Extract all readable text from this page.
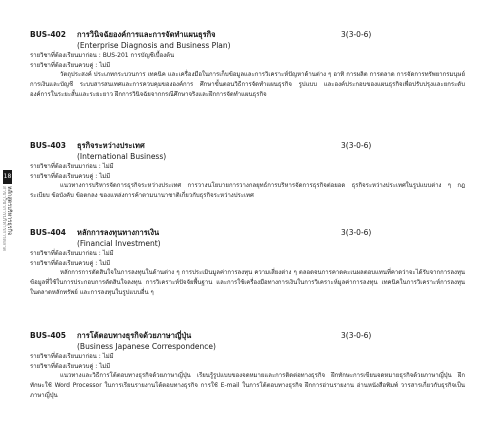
18
หลักสูตรบริหารธุรกิจ
สาขาวิชาการบริหารการตลาด
BUS-402 การวินิจฉัยองค์การและการจัดทำแผนธุรกิจ	3(3-0-6)
(Enterprise Diagnosis and Business Plan)
รายวิชาที่ต้องเรียนมาก่อน : BUS-201 การบัญชีเบื้องต้น
รายวิชาที่ต้องเรียนควบคู่ : ไม่มี
วัตถุประสงค์ ประเภทกระบวนการ เทคนิค และเครื่องมือในการเก็บข้อมูลและการวิเคราะห์ปัญหาด้านต่าง ๆ อาทิ การผลิต การตลาด การจัดการทรัพยากรมนุษย์ การเงินและบัญชี ระบบสารสนเทศและการควบคุมขององค์การ ศึกษาขั้นตอนวิธีการจัดทำแผนธุรกิจ รูปแบบ และองค์ประกอบของแผนธุรกิจเพื่อปรับปรุงและยกระดับองค์การในระยะสั้นและระยะยาว ฝึกการวินิจฉัยจากกรณีศึกษาจริงและฝึกการจัดทำแผนธุรกิจ
BUS-403 ธุรกิจระหว่างประเทศ	3(3-0-6)
(International Business)
รายวิชาที่ต้องเรียนมาก่อน : ไม่มี
รายวิชาที่ต้องเรียนควบคู่ : ไม่มี
แนวทางการบริหารจัดการธุรกิจระหว่างประเทศ การวางนโยบายการวางกลยุทธ์การบริหารจัดการธุรกิจต่อยอด ธุรกิจระหว่างประเทศในรูปแบบต่าง ๆ กฎระเบียบ ข้อบังคับ ข้อตกลง ของแหล่งการค้าตามนานาชาติเกี่ยวกับธุรกิจระหว่างประเทศ
BUS-404 หลักการลงทุนทางการเงิน	3(3-0-6)
(Financial Investment)
รายวิชาที่ต้องเรียนมาก่อน : ไม่มี
รายวิชาที่ต้องเรียนควบคู่ : ไม่มี
หลักการการตัดสินใจในการลงทุนในด้านต่าง ๆ การประเมินมูลค่าการลงทุน ความเสี่ยงต่าง ๆ ตลอดจนการคาดคะเนผลตอบแทนที่คาดว่าจะได้รับจากการลงทุน ข้อมูลที่ใช้ในการประกอบการตัดสินใจลงทุน การวิเคราะห์ปัจจัยพื้นฐาน และการใช้เครื่องมือทางการเงินในการวิเคราะห์มูลค่าการลงทุน เทคนิคในการวิเคราะห์การลงทุนในตลาดหลักทรัพย์ และการลงทุนในรูปแบบอื่น ๆ
BUS-405 การโต้ตอบทางธุรกิจด้วยภาษาญี่ปุ่น	3(3-0-6)
(Business Japanese Correspondence)
รายวิชาที่ต้องเรียนมาก่อน : ไม่มี
รายวิชาที่ต้องเรียนควบคู่ : ไม่มี
แนวทางและวิธีการโต้ตอบทางธุรกิจด้วยภาษาญี่ปุ่น เรียนรู้รูปแบบของจดหมายและการติดต่อทางธุรกิจ ฝึกทักษะการเขียนจดหมายธุรกิจด้วยภาษาญี่ปุ่น ฝึกทักษะใช้ Word Processor ในการเรียนรายงานโต้ตอบทางธุรกิจ การใช้ E-mail ในการโต้ตอบทางธุรกิจ ฝึกการอ่านรายงาน อ่านหนังสือพิมพ์ วารสารเกี่ยวกับธุรกิจเป็นภาษาญี่ปุ่น
